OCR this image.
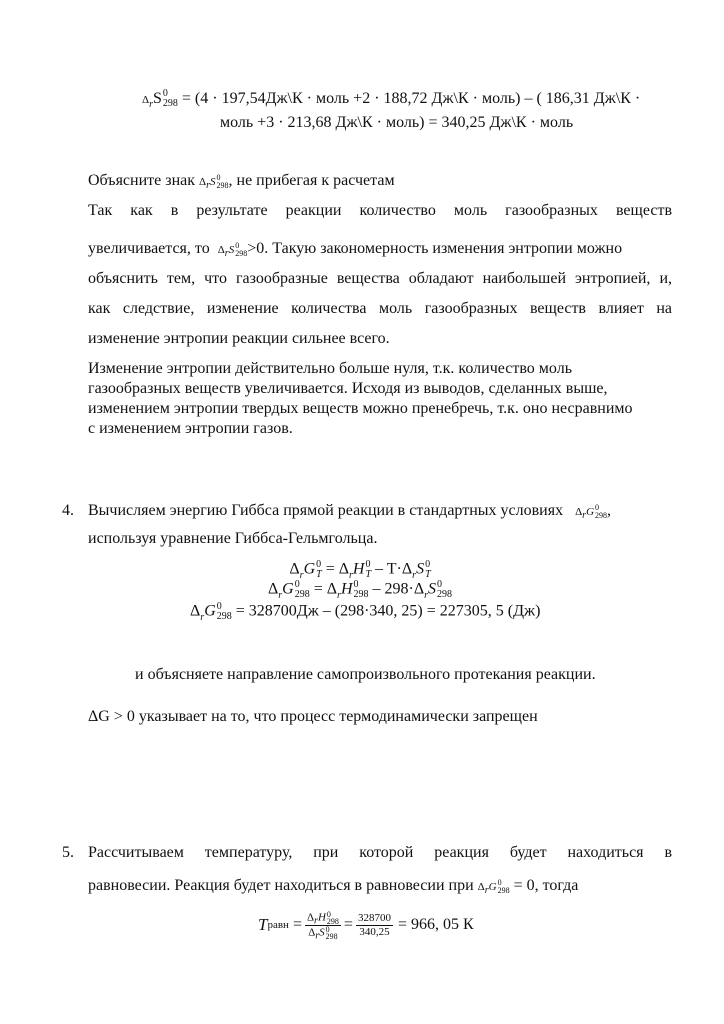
$\Delta_rS$ 0
298 = (4 · 197,54Дж\К · моль +2 · 188,72 Дж\К · моль) – ( 186,31 Дж\К ·
моль +3 · 213,68 Дж\К · моль) = 340,25 Дж\К · моль
Объясните знак $\Delta_rS$ 0
298 , не прибегая к расчетам
Так как в результате реакции количество моль газообразных веществ
увеличивается, то $\Delta_rS$ 0
298 >0. Такую закономерность изменения энтропии можно
объяснить тем, что газообразные вещества обладают наибольшей энтропией, и,
как следствие, изменение количества моль газообразных веществ влияет на
изменение энтропии реакции сильнее всего.
Изменение энтропии действительно больше нуля, т.к. количество моль
газообразных веществ увеличивается. Исходя из выводов, сделанных выше,
изменением энтропии твердых веществ можно пренебречь, т.к. оно несравнимо
с изменением энтропии газов.
4. Вычисляем энергию Гиббса прямой реакции в стандартных условиях $\Delta_rG$ 0
298 ,
используя уравнение Гиббса-Гельмгольца.
$\Delta_rG$ 0
$T = \Delta_rH$ 0
$T - T\cdot\Delta_rS$ 0
T
$\Delta_rG$ 0
$298 = \Delta_rH$ 0
$298 - 298\cdot\Delta_rS$ 0
298
$\Delta_rG$ 0
298 = 328700Дж – (298·340, 25) = 227305, 5 (Дж)
и объясняете направление самопроизвольного протекания реакции.
ΔG > 0 указывает на то, что процесс термодинамически запрещен
5. Рассчитываем температуру, при которой реакция будет находиться в
равновесии. Реакция будет находиться в равновесии при $\Delta_rG$ 0
298 = 0, тогда
T равн = $\Delta_rH$ 0
298
$\Delta_rS$ 0
$298 = \frac{328700}{340,25} = 966$, 05 К
